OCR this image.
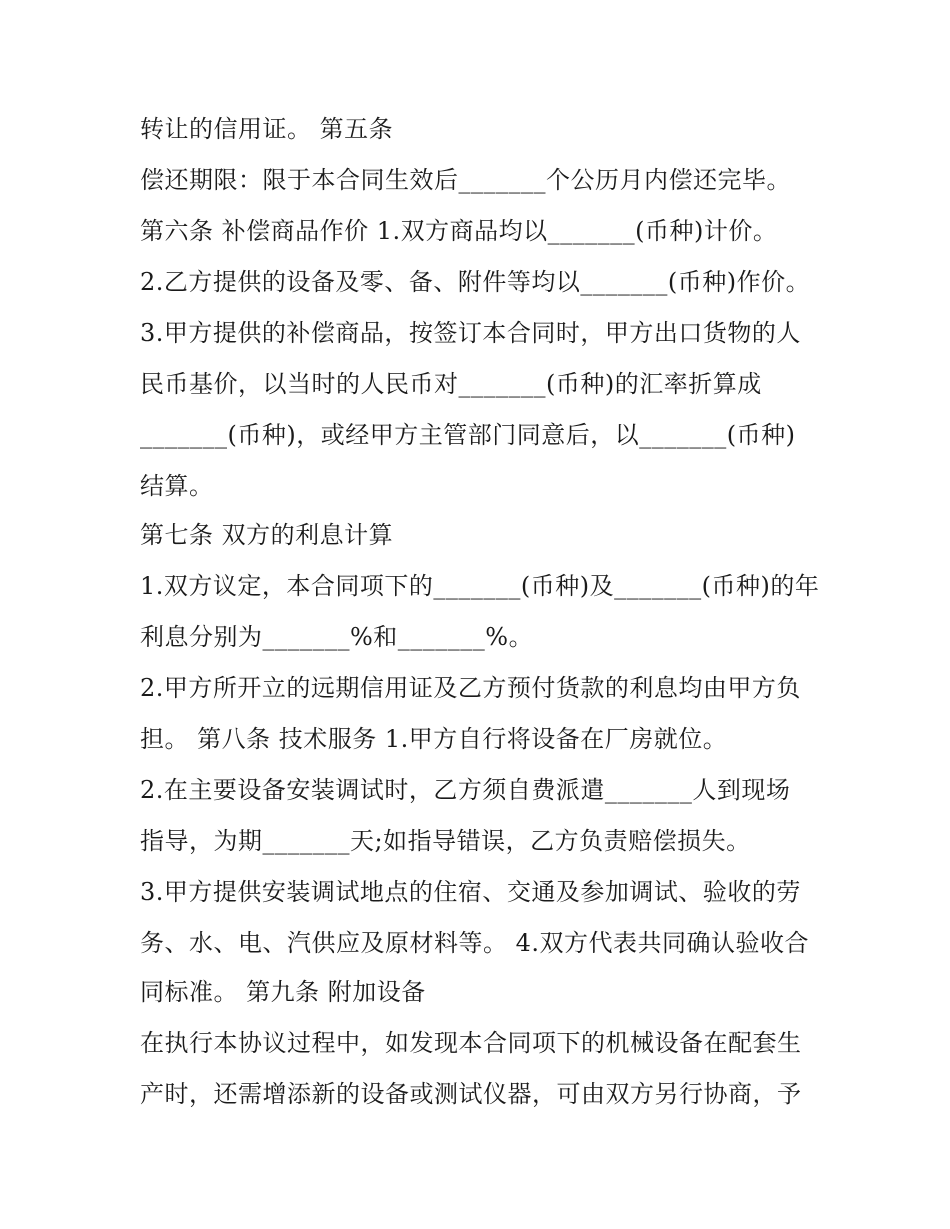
转让的信用证。 第五条
偿还期限：限于本合同生效后_______个公历月内偿还完毕。
第六条 补偿商品作价 1.双方商品均以_______(币种)计价。
2.乙方提供的设备及零、备、附件等均以_______(币种)作价。
3.甲方提供的补偿商品，按签订本合同时，甲方出口货物的人
民币基价，以当时的人民币对_______(币种)的汇率折算成
_______(币种)，或经甲方主管部门同意后，以_______(币种)
结算。
第七条 双方的利息计算
1.双方议定，本合同项下的_______(币种)及_______(币种)的年
利息分别为_______%和_______%。
2.甲方所开立的远期信用证及乙方预付货款的利息均由甲方负
担。 第八条 技术服务 1.甲方自行将设备在厂房就位。
2.在主要设备安装调试时，乙方须自费派遣_______人到现场
指导，为期_______天;如指导错误，乙方负责赔偿损失。
3.甲方提供安装调试地点的住宿、交通及参加调试、验收的劳
务、水、电、汽供应及原材料等。 4.双方代表共同确认验收合
同标准。 第九条 附加设备
在执行本协议过程中，如发现本合同项下的机械设备在配套生
产时，还需增添新的设备或测试仪器，可由双方另行协商，予
